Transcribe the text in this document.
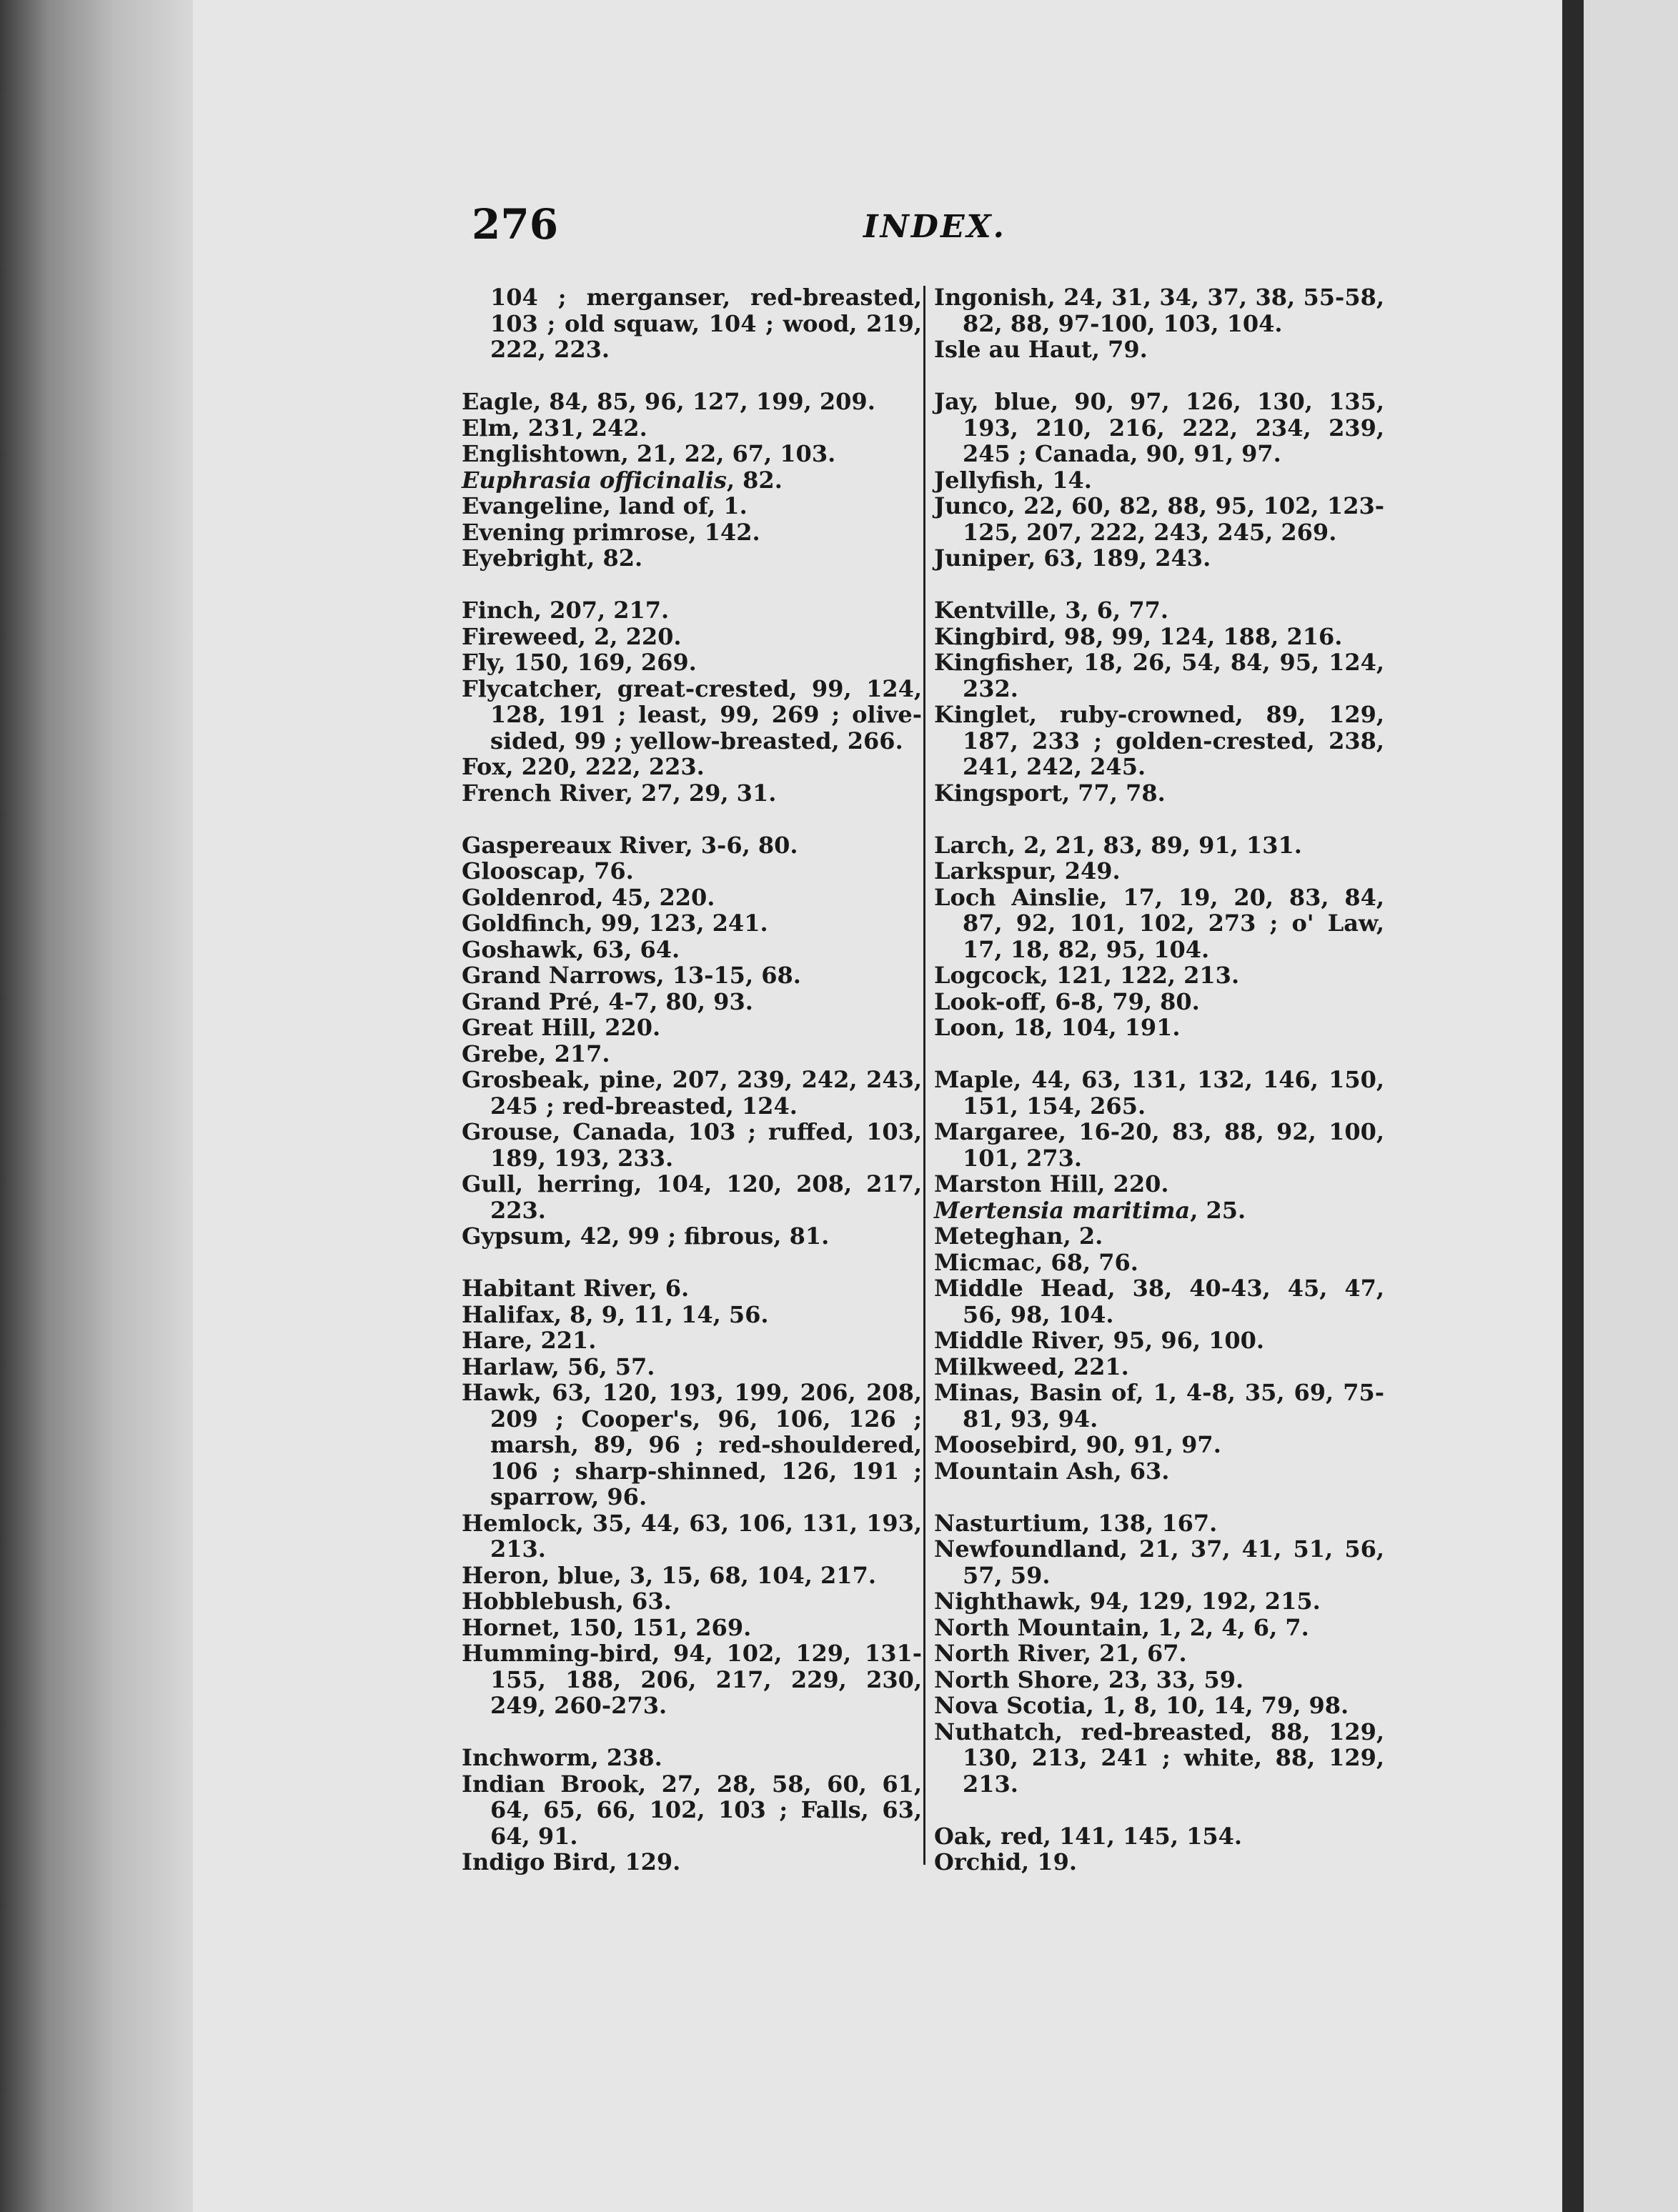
276	INDEX.
104 ; merganser, red-breasted, 103 ; old squaw, 104 ; wood, 219, 222, 223.
Eagle, 84, 85, 96, 127, 199, 209.
Elm, 231, 242.
Englishtown, 21, 22, 67, 103.
Euphrasia officinalis, 82.
Evangeline, land of, 1.
Evening primrose, 142.
Eyebright, 82.
Finch, 207, 217.
Fireweed, 2, 220.
Fly, 150, 169, 269.
Flycatcher, great-crested, 99, 124, 128, 191 ; least, 99, 269 ; olive-sided, 99 ; yellow-breasted, 266.
Fox, 220, 222, 223.
French River, 27, 29, 31.
Gaspereaux River, 3-6, 80.
Glooscap, 76.
Goldenrod, 45, 220.
Goldfinch, 99, 123, 241.
Goshawk, 63, 64.
Grand Narrows, 13-15, 68.
Grand Pré, 4-7, 80, 93.
Great Hill, 220.
Grebe, 217.
Grosbeak, pine, 207, 239, 242, 243, 245 ; red-breasted, 124.
Grouse, Canada, 103 ; ruffed, 103, 189, 193, 233.
Gull, herring, 104, 120, 208, 217, 223.
Gypsum, 42, 99 ; fibrous, 81.
Habitant River, 6.
Halifax, 8, 9, 11, 14, 56.
Hare, 221.
Harlaw, 56, 57.
Hawk, 63, 120, 193, 199, 206, 208, 209 ; Cooper's, 96, 106, 126 ; marsh, 89, 96 ; red-shouldered, 106 ; sharp-shinned, 126, 191 ; sparrow, 96.
Hemlock, 35, 44, 63, 106, 131, 193, 213.
Heron, blue, 3, 15, 68, 104, 217.
Hobblebush, 63.
Hornet, 150, 151, 269.
Humming-bird, 94, 102, 129, 131-155, 188, 206, 217, 229, 230, 249, 260-273.
Inchworm, 238.
Indian Brook, 27, 28, 58, 60, 61, 64, 65, 66, 102, 103 ; Falls, 63, 64, 91.
Indigo Bird, 129.
Ingonish, 24, 31, 34, 37, 38, 55-58, 82, 88, 97-100, 103, 104.
Isle au Haut, 79.
Jay, blue, 90, 97, 126, 130, 135, 193, 210, 216, 222, 234, 239, 245 ; Canada, 90, 91, 97.
Jellyfish, 14.
Junco, 22, 60, 82, 88, 95, 102, 123-125, 207, 222, 243, 245, 269.
Juniper, 63, 189, 243.
Kentville, 3, 6, 77.
Kingbird, 98, 99, 124, 188, 216.
Kingfisher, 18, 26, 54, 84, 95, 124, 232.
Kinglet, ruby-crowned, 89, 129, 187, 233 ; golden-crested, 238, 241, 242, 245.
Kingsport, 77, 78.
Larch, 2, 21, 83, 89, 91, 131.
Larkspur, 249.
Loch Ainslie, 17, 19, 20, 83, 84, 87, 92, 101, 102, 273 ; o' Law, 17, 18, 82, 95, 104.
Logcock, 121, 122, 213.
Look-off, 6-8, 79, 80.
Loon, 18, 104, 191.
Maple, 44, 63, 131, 132, 146, 150, 151, 154, 265.
Margaree, 16-20, 83, 88, 92, 100, 101, 273.
Marston Hill, 220.
Mertensia maritima, 25.
Meteghan, 2.
Micmac, 68, 76.
Middle Head, 38, 40-43, 45, 47, 56, 98, 104.
Middle River, 95, 96, 100.
Milkweed, 221.
Minas, Basin of, 1, 4-8, 35, 69, 75-81, 93, 94.
Moosebird, 90, 91, 97.
Mountain Ash, 63.
Nasturtium, 138, 167.
Newfoundland, 21, 37, 41, 51, 56, 57, 59.
Nighthawk, 94, 129, 192, 215.
North Mountain, 1, 2, 4, 6, 7.
North River, 21, 67.
North Shore, 23, 33, 59.
Nova Scotia, 1, 8, 10, 14, 79, 98.
Nuthatch, red-breasted, 88, 129, 130, 213, 241 ; white, 88, 129, 213.
Oak, red, 141, 145, 154.
Orchid, 19.
